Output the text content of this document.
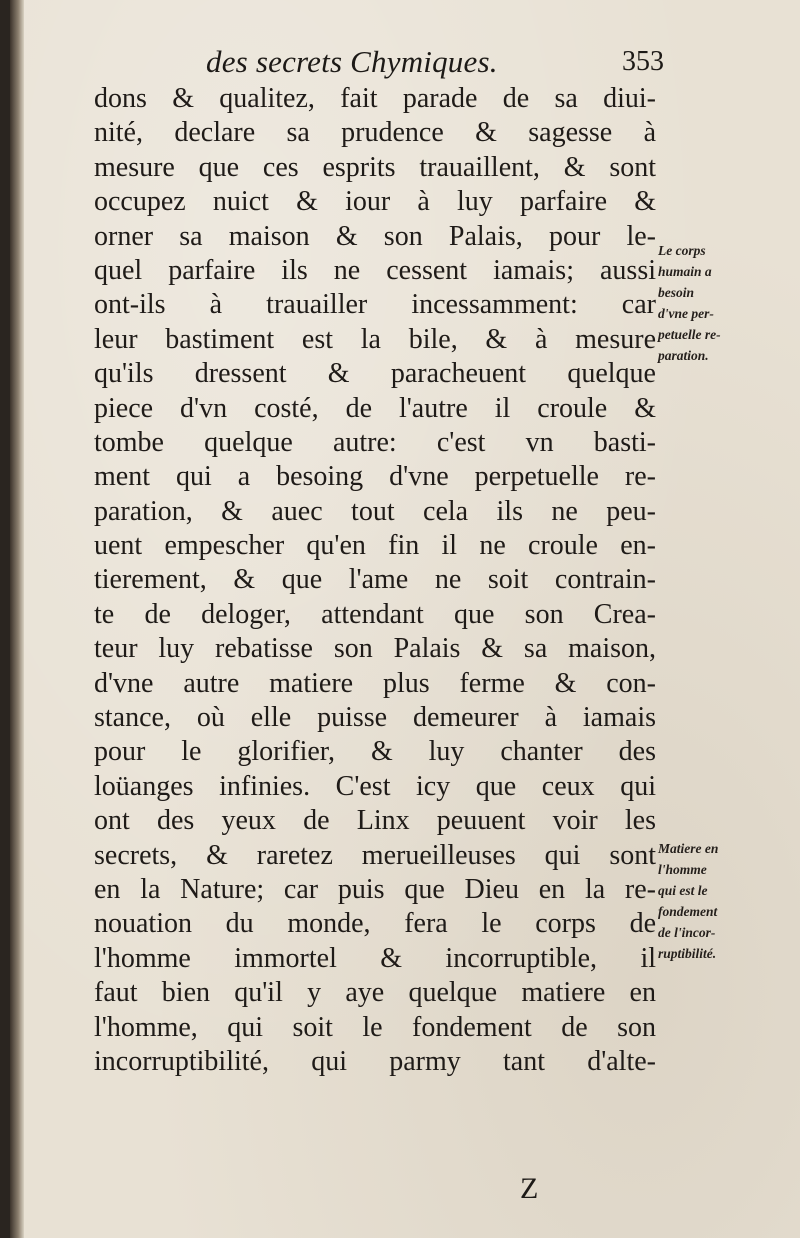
des secrets Chymiques.	353
dons & qualitez, fait parade de sa diui-
nité, declare sa prudence & sagesse à
mesure que ces esprits trauaillent, & sont
occupez nuict & iour à luy parfaire &
orner sa maison & son Palais, pour le-
quel parfaire ils ne cessent iamais; aussi
ont-ils à trauailler incessamment: car
leur bastiment est la bile, & à mesure
qu'ils dressent & paracheuent quelque
piece d'vn costé, de l'autre il croule &
tombe quelque autre: c'est vn basti-
ment qui a besoing d'vne perpetuelle re-
paration, & auec tout cela ils ne peu-
uent empescher qu'en fin il ne croule en-
tierement, & que l'ame ne soit contrain-
te de deloger, attendant que son Crea-
teur luy rebatisse son Palais & sa maison,
d'vne autre matiere plus ferme & con-
stance, où elle puisse demeurer à iamais
pour le glorifier, & luy chanter des
loüanges infinies. C'est icy que ceux qui
ont des yeux de Linx peuuent voir les
secrets, & raretez merueilleuses qui sont
en la Nature; car puis que Dieu en la re-
nouation du monde, fera le corps de
l'homme immortel & incorruptible, il
faut bien qu'il y aye quelque matiere en
l'homme, qui soit le fondement de son
incorruptibilité, qui parmy tant d'alte-
Le corps
humain a
besoin
d'vne per-
petuelle re-
paration.
Matiere en
l'homme
qui est le
fondement
de l'incor-
ruptibilité.
Z
